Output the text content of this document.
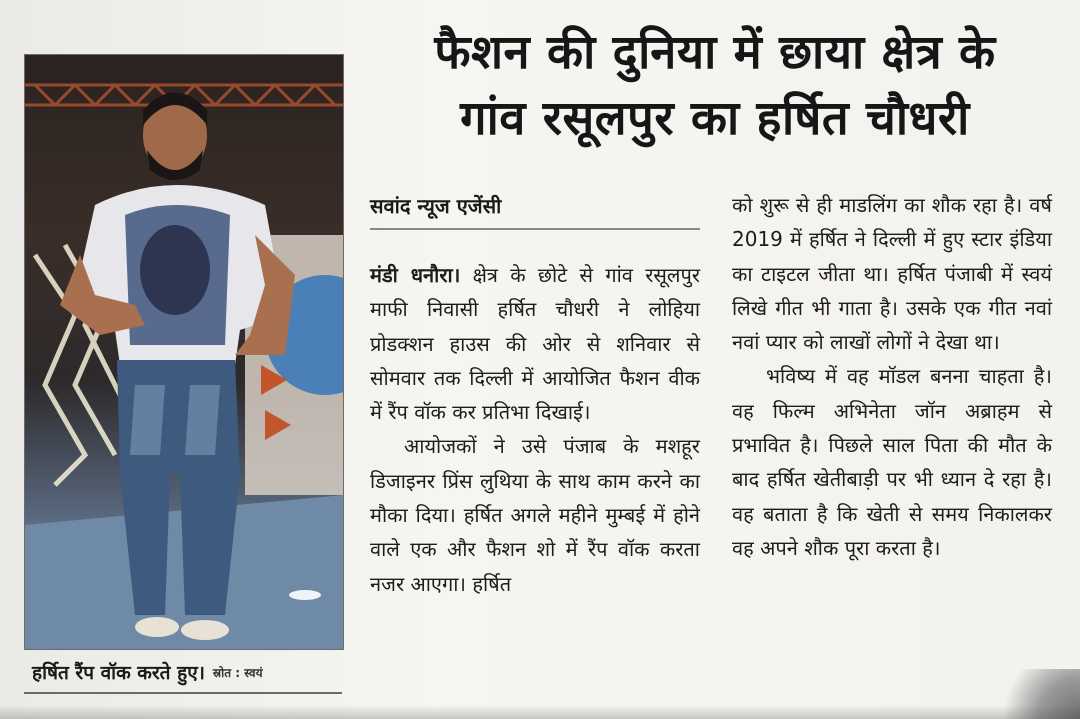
हर्षित रैंप वॉक करते हुए। स्रोत : स्वयं
फैशन की दुनिया में छाया क्षेत्र के
गांव रसूलपुर का हर्षित चौधरी
सवांद न्यूज एजेंसी

मंडी धनौरा। क्षेत्र के छोटे से गांव रसूलपुर माफी निवासी हर्षित चौधरी ने लोहिया प्रोडक्शन हाउस की ओर से शनिवार से सोमवार तक दिल्ली में आयोजित फैशन वीक में रैंप वॉक कर प्रतिभा दिखाई।

आयोजकों ने उसे पंजाब के मशहूर डिजाइनर प्रिंस लुथिया के साथ काम करने का मौका दिया। हर्षित अगले महीने मुम्बई में होने वाले एक और फैशन शो में रैंप वॉक करता नजर आएगा। हर्षित

को शुरू से ही माडलिंग का शौक रहा है। वर्ष 2019 में हर्षित ने दिल्ली में हुए स्टार इंडिया का टाइटल जीता था। हर्षित पंजाबी में स्वयं लिखे गीत भी गाता है। उसके एक गीत नवां नवां प्यार को लाखों लोगों ने देखा था।

भविष्य में वह मॉडल बनना चाहता है। वह फिल्म अभिनेता जॉन अब्राहम से प्रभावित है। पिछले साल पिता की मौत के बाद हर्षित खेतीबाड़ी पर भी ध्यान दे रहा है। वह बताता है कि खेती से समय निकालकर वह अपने शौक पूरा करता है।
